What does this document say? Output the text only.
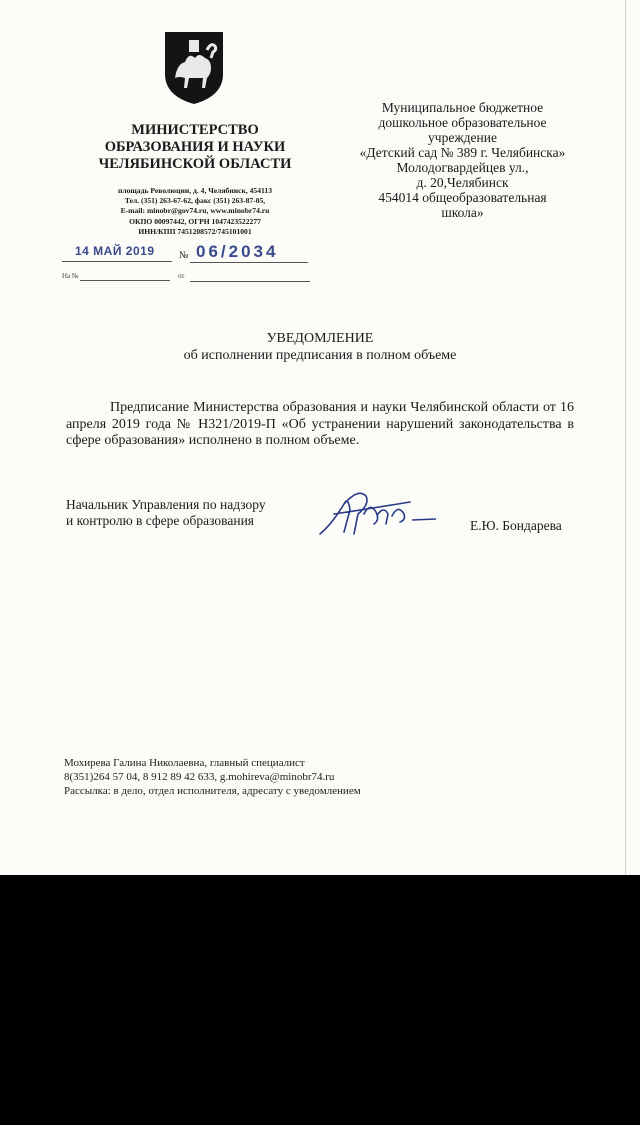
МИНИСТЕРСТВО
ОБРАЗОВАНИЯ И НАУКИ
ЧЕЛЯБИНСКОЙ ОБЛАСТИ
площадь Революции, д. 4, Челябинск, 454113
Тел. (351) 263-67-62, факс (351) 263-87-05,
E-mail: minobr@gov74.ru, www.minobr74.ru
ОКПО 00097442, ОГРН 1047423522277
ИНН/КПП 7451208572/745101001
14 МАЙ 2019 № 06/2034
На №	от
Муниципальное бюджетное
дошкольное образовательное
учреждение
«Детский сад № 389 г. Челябинска»
Молодогвардейцев ул.,
д. 20,Челябинск
454014 общеобразовательная
школа»
УВЕДОМЛЕНИЕ
об исполнении предписания в полном объеме
Предписание Министерства образования и науки Челябинской области от 16 апреля 2019 года № Н321/2019-П «Об устранении нарушений законодательства в сфере образования» исполнено в полном объеме.
Начальник Управления по надзору
и контролю в сфере образования	Е.Ю. Бондарева
Мохирева Галина Николаевна, главный специалист
8(351)264 57 04, 8 912 89 42 633, g.mohireva@minobr74.ru
Рассылка: в дело, отдел исполнителя, адресату с уведомлением
